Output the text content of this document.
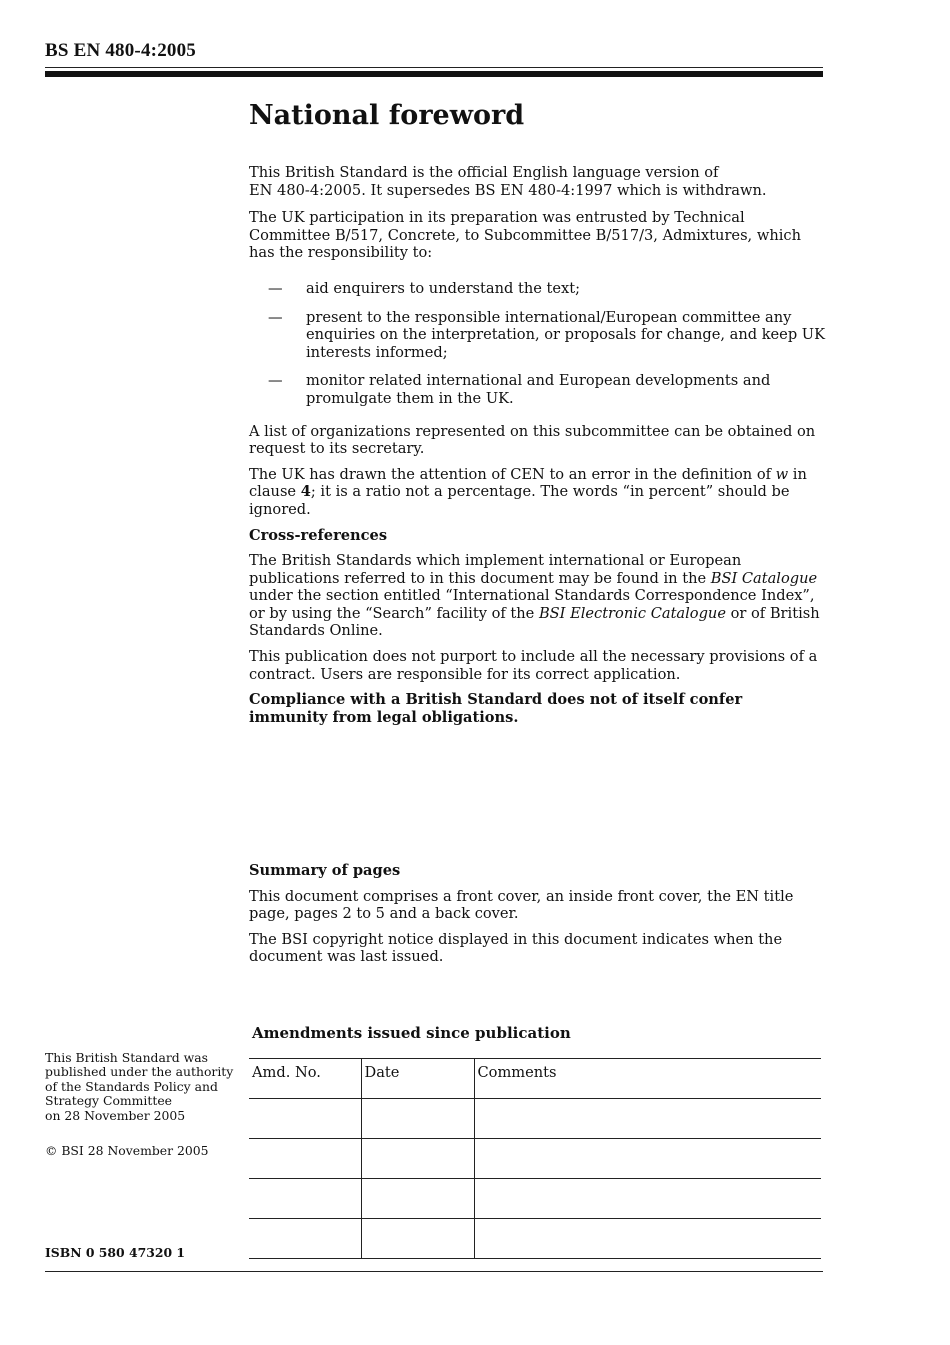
BS EN 480-4:2005
National foreword

This British Standard is the official English language version of

EN 480-4:2005. It supersedes BS EN 480-4:1997 which is withdrawn.

The UK participation in its preparation was entrusted by Technical Committee B/517, Concrete, to Subcommittee B/517/3, Admixtures, which has the responsibility to:

— aid enquirers to understand the text;
— present to the responsible international/European committee any enquiries on the interpretation, or proposals for change, and keep UK interests informed;
— monitor related international and European developments and promulgate them in the UK.

A list of organizations represented on this subcommittee can be obtained on request to its secretary.

The UK has drawn the attention of CEN to an error in the definition of w in clause 4; it is a ratio not a percentage. The words “in percent” should be ignored.

Cross-references

The British Standards which implement international or European publications referred to in this document may be found in the BSI Catalogue under the section entitled “International Standards Correspondence Index”, or by using the “Search” facility of the BSI Electronic Catalogue or of British Standards Online.

This publication does not purport to include all the necessary provisions of a contract. Users are responsible for its correct application.

Compliance with a British Standard does not of itself confer immunity from legal obligations.

Summary of pages

This document comprises a front cover, an inside front cover, the EN title page, pages 2 to 5 and a back cover.

The BSI copyright notice displayed in this document indicates when the document was last issued.

Amendments issued since publication
Amd. No.	Date	Comments

This British Standard was

published under the authority

of the Standards Policy and

Strategy Committee

on 28 November 2005

© BSI 28 November 2005
ISBN 0 580 47320 1
